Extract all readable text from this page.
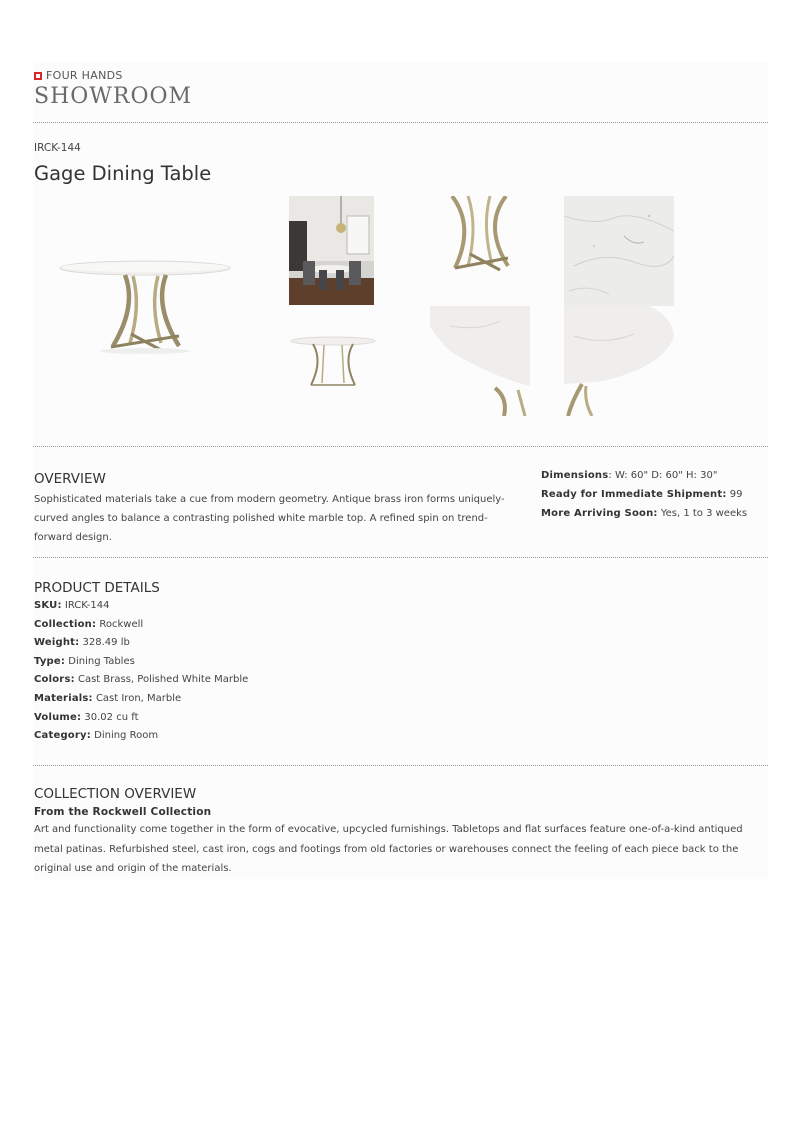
FOUR HANDS
SHOWROOM
IRCK-144
Gage Dining Table
OVERVIEW
Sophisticated materials take a cue from modern geometry. Antique brass iron forms uniquely-curved angles to balance a contrasting polished white marble top. A refined spin on trend-forward design.
Dimensions: W: 60" D: 60" H: 30"
Ready for Immediate Shipment: 99
More Arriving Soon: Yes, 1 to 3 weeks
PRODUCT DETAILS
SKU: IRCK-144
Collection: Rockwell
Weight: 328.49 lb
Type: Dining Tables
Colors: Cast Brass, Polished White Marble
Materials: Cast Iron, Marble
Volume: 30.02 cu ft
Category: Dining Room
COLLECTION OVERVIEW
From the Rockwell Collection
Art and functionality come together in the form of evocative, upcycled furnishings. Tabletops and flat surfaces feature one-of-a-kind antiqued metal patinas. Refurbished steel, cast iron, cogs and footings from old factories or warehouses connect the feeling of each piece back to the original use and origin of the materials.
